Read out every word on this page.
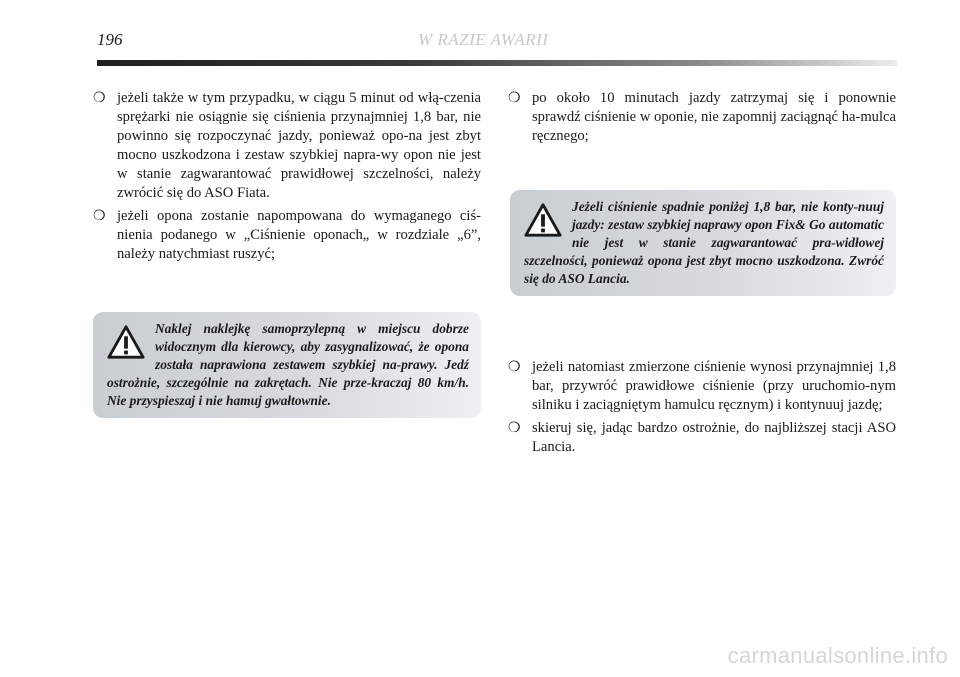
196	W RAZIE AWARII

❍ jeżeli także w tym przypadku, w ciągu 5 minut od włą-czenia sprężarki nie osiągnie się ciśnienia przynajmniej 1,8 bar, nie powinno się rozpoczynać jazdy, ponieważ opo-na jest zbyt mocno uszkodzona i zestaw szybkiej napra-wy opon nie jest w stanie zagwarantować prawidłowej szczelności, należy zwrócić się do ASO Fiata.

❍ jeżeli opona zostanie napompowana do wymaganego ciś-nienia podanego w „Ciśnienie oponach„ w rozdziale „6”, należy natychmiast ruszyć;

Naklej naklejkę samoprzylepną w miejscu dobrze widocznym dla kierowcy, aby zasygnalizować, że opona została naprawiona zestawem szybkiej na-prawy. Jedź ostrożnie, szczególnie na zakrętach. Nie prze-kraczaj 80 km/h. Nie przyspieszaj i nie hamuj gwałtownie.

❍ po około 10 minutach jazdy zatrzymaj się i ponownie sprawdź ciśnienie w oponie, nie zapomnij zaciągnąć ha-mulca ręcznego;

Jeżeli ciśnienie spadnie poniżej 1,8 bar, nie konty-nuuj jazdy: zestaw szybkiej naprawy opon Fix& Go automatic nie jest w stanie zagwarantować pra-widłowej szczelności, ponieważ opona jest zbyt mocno uszkodzona. Zwróć się do ASO Lancia.

❍ jeżeli natomiast zmierzone ciśnienie wynosi przynajmniej 1,8 bar, przywróć prawidłowe ciśnienie (przy uruchomio-nym silniku i zaciągniętym hamulcu ręcznym) i kontynuuj jazdę;

❍ skieruj się, jadąc bardzo ostrożnie, do najbliższej stacji ASO Lancia.

carmanualsonline.info
